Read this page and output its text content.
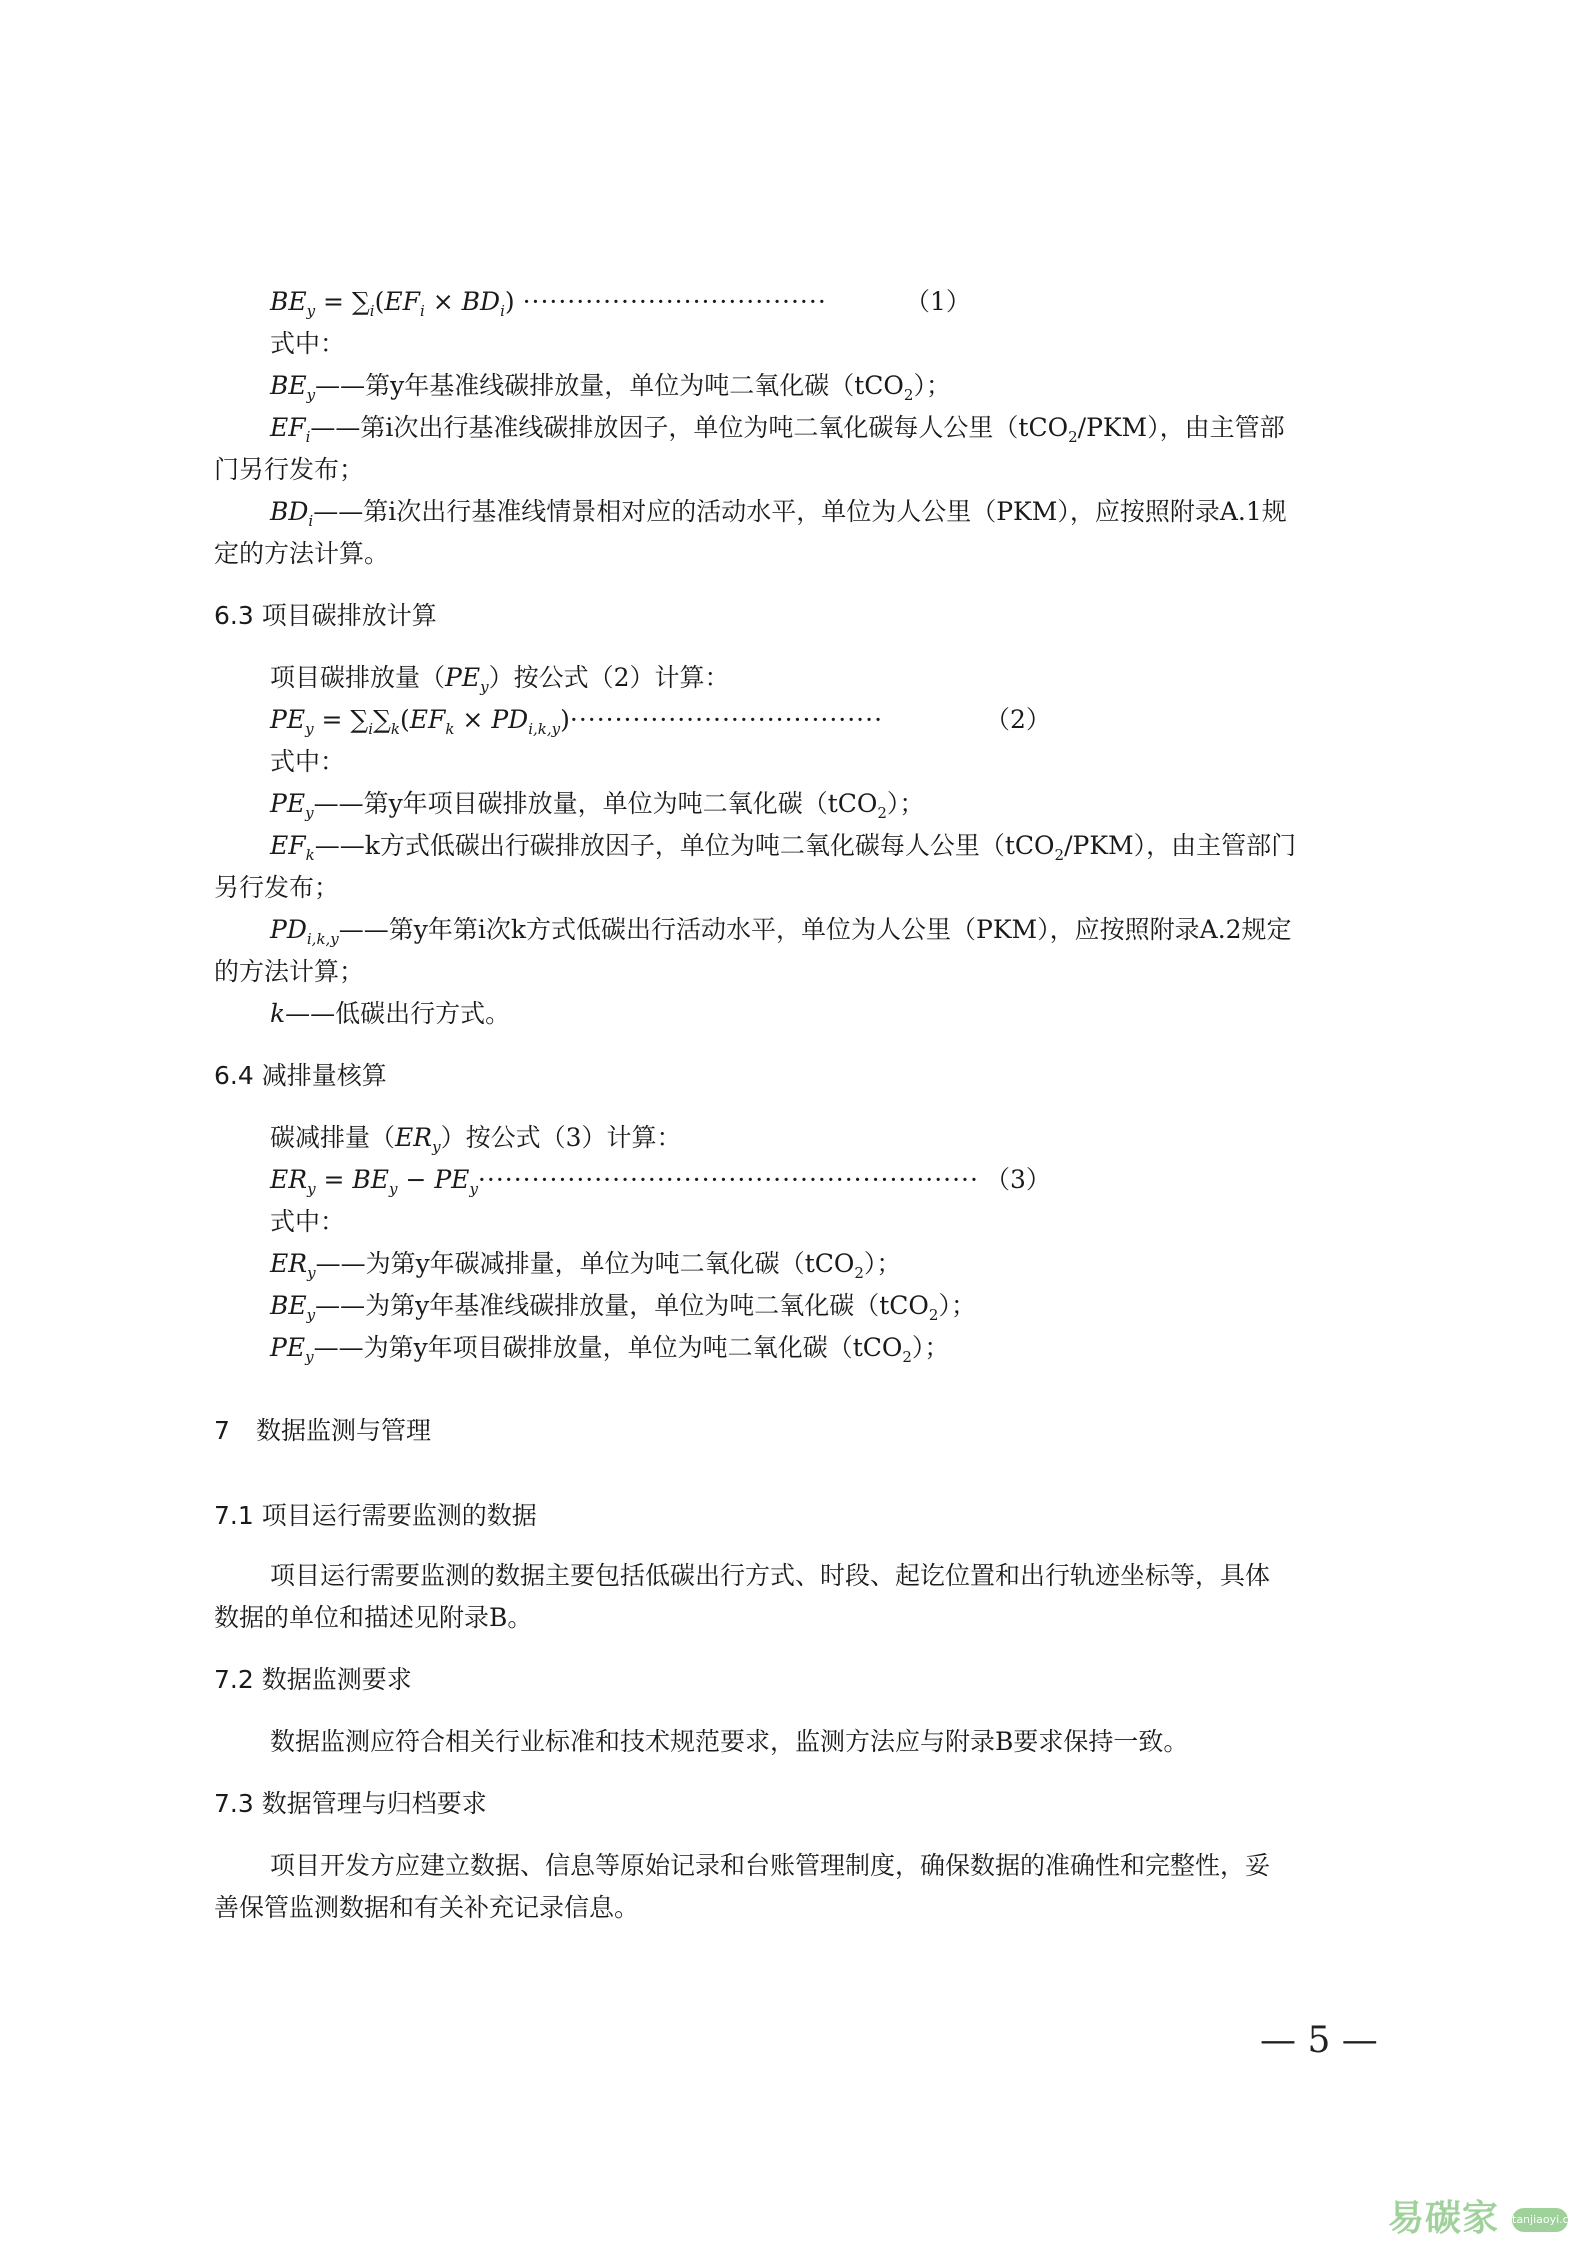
$BE_y = \sum_i(EF_i \times BD_i)$ ··································	（1）
式中：
$BE_y——$第y年基准线碳排放量，单位为吨二氧化碳（tCO$_2$）；
$EF_i——$第i次出行基准线碳排放因子，单位为吨二氧化碳每人公里（tCO$_2$/PKM），由主管部
门另行发布；
$BD_i——$第i次出行基准线情景相对应的活动水平，单位为人公里（PKM），应按照附录A.1规
定的方法计算。
6.3 项目碳排放计算
项目碳排放量$(PE_y)$按公式（2）计算：
$PE_y = \sum_i\sum_k(EF_k \times PD_{i,k,y})\cdot\cdot\cdot\cdot\cdot\cdot\cdot\cdot\cdot\cdot\cdot\cdot\cdot\cdot\cdot\cdot\cdot\cdot\cdot\cdot\cdot\cdot\cdot\cdot\cdot\cdot\cdot\cdot\cdot\cdot\cdot\cdot\cdot\cdot\cdot$	（2）
式中：
$PE_y——$第y年项目碳排放量，单位为吨二氧化碳（tCO$_2$）；
$EF_k——k$方式低碳出行碳排放因子，单位为吨二氧化碳每人公里（tCO$_2$/PKM），由主管部门
另行发布；
$PD_{i,k,y}——$第y年第i次k方式低碳出行活动水平，单位为人公里（PKM），应按照附录A.2规定
的方法计算；
k——低碳出行方式。
6.4 减排量核算
碳减排量$(ER_y)$按公式（3）计算：
$ER_y = BE_y - PE_y\cdot\cdot\cdot\cdot\cdot\cdot\cdot\cdot\cdot\cdot\cdot\cdot\cdot\cdot\cdot\cdot\cdot\cdot\cdot\cdot\cdot\cdot\cdot\cdot\cdot\cdot\cdot\cdot\cdot\cdot\cdot\cdot\cdot\cdot\cdot\cdot\cdot\cdot\cdot\cdot\cdot\cdot\cdot\cdot\cdot\cdot\cdot\cdot\cdot\cdot\cdot\cdot\cdot\cdot\cdot\cdot (3)$
式中：
$ER_y——$为第y年碳减排量，单位为吨二氧化碳（tCO$_2$）；
$BE_y——$为第y年基准线碳排放量，单位为吨二氧化碳（tCO$_2$）；
$PE_y——$为第y年项目碳排放量，单位为吨二氧化碳（tCO$_2$）；
7 数据监测与管理
7.1 项目运行需要监测的数据
项目运行需要监测的数据主要包括低碳出行方式、时段、起讫位置和出行轨迹坐标等，具体
数据的单位和描述见附录B。
7.2 数据监测要求
数据监测应符合相关行业标准和技术规范要求，监测方法应与附录B要求保持一致。
7.3 数据管理与归档要求
项目开发方应建立数据、信息等原始记录和台账管理制度，确保数据的准确性和完整性，妥
善保管监测数据和有关补充记录信息。
— 5 —
易碳家 tanjiaoyi.com
